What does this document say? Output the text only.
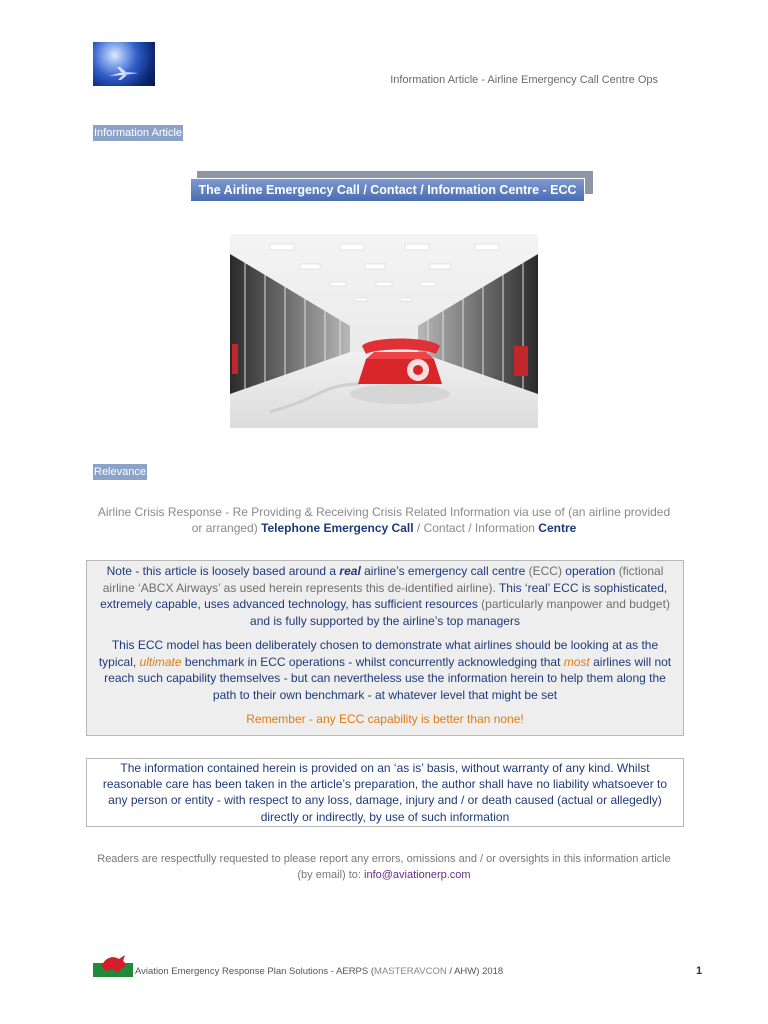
Information Article - Airline Emergency Call Centre Ops
Information Article
The Airline Emergency Call / Contact / Information Centre - ECC
Relevance
Airline Crisis Response - Re Providing & Receiving Crisis Related Information via use of (an airline provided or arranged) Telephone Emergency Call / Contact / Information Centre

Note - this article is loosely based around a real airline’s emergency call centre (ECC) operation (fictional airline ‘ABCX Airways’ as used herein represents this de-identified airline). This ‘real’ ECC is sophisticated, extremely capable, uses advanced technology, has sufficient resources (particularly manpower and budget) and is fully supported by the airline’s top managers

This ECC model has been deliberately chosen to demonstrate what airlines should be looking at as the typical, ultimate benchmark in ECC operations - whilst concurrently acknowledging that most airlines will not reach such capability themselves - but can nevertheless use the information herein to help them along the path to their own benchmark - at whatever level that might be set

Remember - any ECC capability is better than none!

The information contained herein is provided on an ‘as is’ basis, without warranty of any kind. Whilst reasonable care has been taken in the article’s preparation, the author shall have no liability whatsoever to any person or entity - with respect to any loss, damage, injury and / or death caused (actual or allegedly) directly or indirectly, by use of such information
Readers are respectfully requested to please report any errors, omissions and / or oversights in this information article (by email) to: info@aviationerp.com
Aviation Emergency Response Plan Solutions - AERPS (MASTERAVCON / AHW) 2018	1
